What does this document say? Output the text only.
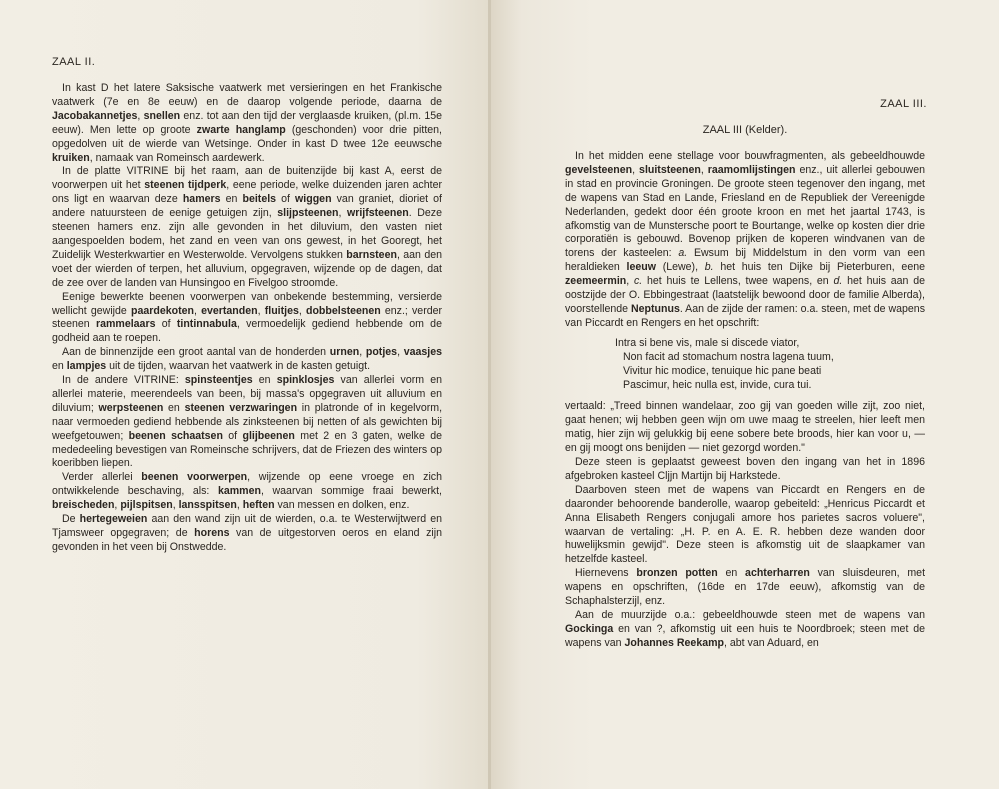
ZAAL II.

In kast D het latere Saksische vaatwerk met versieringen en het Frankische vaatwerk (7e en 8e eeuw) en de daarop volgende periode, daarna de Jacobakannetjes, snellen enz. tot aan den tijd der verglaasde kruiken, (pl.m. 15e eeuw). Men lette op groote zwarte hanglamp (geschonden) voor drie pitten, opgedolven uit de wierde van Wetsinge. Onder in kast D twee 12e eeuwsche kruiken, namaak van Romeinsch aardewerk.

In de platte VITRINE bij het raam, aan de buitenzijde bij kast A, eerst de voorwerpen uit het steenen tijdperk, eene periode, welke duizenden jaren achter ons ligt en waarvan deze hamers en beitels of wiggen van graniet, dioriet of andere natuursteen de eenige getuigen zijn, slijpsteenen, wrijfsteenen. Deze steenen hamers enz. zijn alle gevonden in het diluvium, den vasten niet aangespoelden bodem, het zand en veen van ons gewest, in het Gooregt, het Zuidelijk Westerkwartier en Westerwolde. Vervolgens stukken barnsteen, aan den voet der wierden of terpen, het alluvium, opgegraven, wijzende op de dagen, dat de zee over de landen van Hunsingoo en Fivelgoo stroomde.

Eenige bewerkte beenen voorwerpen van onbekende bestemming, versierde wellicht gewijde paardekoten, evertanden, fluitjes, dobbelsteenen enz.; verder steenen rammelaars of tintinnabula, vermoedelijk gediend hebbende om de godheid aan te roepen.

Aan de binnenzijde een groot aantal van de honderden urnen, potjes, vaasjes en lampjes uit de tijden, waarvan het vaatwerk in de kasten getuigt.

In de andere VITRINE: spinsteentjes en spinklosjes van allerlei vorm en allerlei materie, meerendeels van been, bij massa's opgegraven uit alluvium en diluvium; werpsteenen en steenen verzwaringen in platronde of in kegelvorm, naar vermoeden gediend hebbende als zinksteenen bij netten of als gewichten bij weefgetouwen; beenen schaatsen of glijbeenen met 2 en 3 gaten, welke de mededeeling bevestigen van Romeinsche schrijvers, dat de Friezen des winters op koeribben liepen.

Verder allerlei beenen voorwerpen, wijzende op eene vroege en zich ontwikkelende beschaving, als: kammen, waarvan sommige fraai bewerkt, breischeden, pijlspitsen, lansspitsen, heften van messen en dolken, enz.

De hertegeweien aan den wand zijn uit de wierden, o.a. te Westerwijtwerd en Tjamsweer opgegraven; de horens van de uitgestorven oeros en eland zijn gevonden in het veen bij Onstwedde.

ZAAL III.
ZAAL III (Kelder).

In het midden eene stellage voor bouwfragmenten, als gebeeldhouwde gevelsteenen, sluitsteenen, raamomlijstingen enz., uit allerlei gebouwen in stad en provincie Groningen. De groote steen tegenover den ingang, met de wapens van Stad en Lande, Friesland en de Republiek der Vereenigde Nederlanden, gedekt door één groote kroon en met het jaartal 1743, is afkomstig van de Munstersche poort te Bourtange, welke op kosten dier drie corporatiën is gebouwd. Bovenop prijken de koperen windvanen van de torens der kasteelen: a. Ewsum bij Middelstum in den vorm van een heraldieken leeuw (Lewe), b. het huis ten Dijke bij Pieterburen, eene zeemeermin, c. het huis te Lellens, twee wapens, en d. het huis aan de oostzijde der O. Ebbingestraat (laatstelijk bewoond door de familie Alberda), voorstellende Neptunus. Aan de zijde der ramen: o.a. steen, met de wapens van Piccardt en Rengers en het opschrift:

Intra si bene vis, male si discede viator,
Non facit ad stomachum nostra lagena tuum,
Vivitur hic modice, tenuique hic pane beati
Pascimur, heic nulla est, invide, cura tui.

vertaald: „Treed binnen wandelaar, zoo gij van goeden wille zijt, zoo niet, gaat henen; wij hebben geen wijn om uwe maag te streelen, hier leeft men matig, hier zijn wij gelukkig bij eene sobere bete broods, hier kan voor u, — en gij moogt ons benijden — niet gezorgd worden."

Deze steen is geplaatst geweest boven den ingang van het in 1896 afgebroken kasteel Cljjn Martijn bij Harkstede.

Daarboven steen met de wapens van Piccardt en Rengers en de daaronder behoorende banderolle, waarop gebeiteld: „Henricus Piccardt et Anna Elisabeth Rengers conjugali amore hos parietes sacros voluere", waarvan de vertaling: „H. P. en A. E. R. hebben deze wanden door huwelijksmin gewijd". Deze steen is afkomstig uit de slaapkamer van hetzelfde kasteel.

Hiernevens bronzen potten en achterharren van sluisdeuren, met wapens en opschriften, (16de en 17de eeuw), afkomstig van de Schaphalsterzijl, enz.

Aan de muurzijde o.a.: gebeeldhouwde steen met de wapens van Gockinga en van ?, afkomstig uit een huis te Noordbroek; steen met de wapens van Johannes Reekamp, abt van Aduard, en
